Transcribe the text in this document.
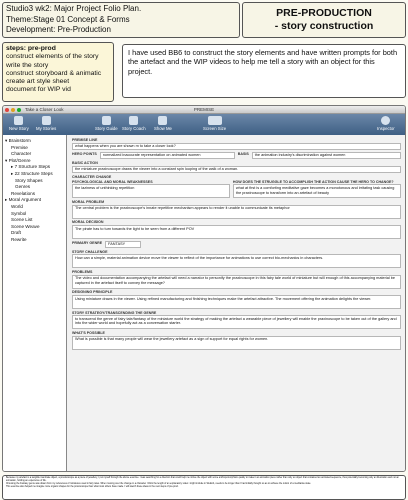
Studio3 wk2: Major Project Folio Plan.
Theme:Stage 01 Concept & Forms
Development: Pre-Production
PRE-PRODUCTION
- story construction
steps: pre-prod
construct elements of the story
write the story
construct storyboard & animatic
create art style sheet
document for WIP vid
I have used BB6 to construct the story elements and have written prompts for both the artefact and the WIP videos to help me tell a story with an object for this project.
Take a Closer Look	PREMISE
New Story My Stories	Story Guide Story Coach Show Me	Screen Size	Inspector
▾ Brainstorm
Premise
Character
▾ Plot/Genre
▸ 7 Structure Steps
▸ 22 Structure Steps
Story Shapes
Genres
Revelations
▸ Moral Argument
World
Symbol
Scene List
Scene Weave
Draft
Rewrite
PREMISE LINE
what happens when you are shown m to take a closer look?
HERO POINTS	normalized inaccurate representation on animated women	BASIS	the animation industry's discrimination against women
BASIC ACTION
the miniature praxinoscope draws the viewer into a constant spin looping of the walk of a woman.
CHARACTER CHANGE
PSYCHOLOGICAL AND MORAL WEAKNESSES
the laziness of unthinking repetition
HOW DOES THE STRUGGLE TO ACCOMPLISH THE ACTION CAUSE THE HERO TO CHANGE?
what at first is a comforting meditative gaze becomes a monotonous and irritating task causing the praxinoscope to transform into an artefact of beauty
MORAL PROBLEM
The central problem is the praxinoscope's innate repetitive mechanism appears to render it unable to communicate its metaphor
MORAL DECISION
The pirate has to turn towards the light to be seen from a different POV
PRIMARY GENRE	FANTASY
STORY CHALLENGE
How can a simple, material animation device move the viewer to reflect of the importance for animations to use correct bio-mechanics in characters.
PROBLEMS
The video and documentation accompanying the artefact will need a narrator to personify the praxinoscope in this fairy tale world of miniature but will enough of this accompanying material be captured in the artefact itself to convey the message?
DESIGNING PRINCIPLE
Using miniature draws in the viewer. Using refined manufacturing and finishing techniques make the artefact attractive. The movement offering the animation delights the viewer.
STORY STRATEGY/TRANSCENDING THE GENRE
to transcend the genre of fairy tale/fantasy of the miniature world the strategy of making the artefact a wearable piece of jewellery will enable the praxinoscope to be taken out of the gallery and into the wider world and hopefully act as a conversation starter.
WHAT'S POSSIBLE
What is possible is that many people will wear the jewellery artefact as a sign of support for equal rights for women.

Because my artefact is a tangible inanimate object, a praxinoscope as a piece of jewellery, I put myself through the above exercise. I was searching for a direction that could help me imbue the object with some anthropomorphism quality to make it an animation piece rather than only an object that contained an animated sequence, thus potentially becoming only an illustration and not an animation, holding an experience of life.

Choosing the Fantasy genre was drawn from my references of miniatures used in fairy tales. When musing over the change in a character I think the length of an explanatory video i might include in Studio4, needs to be longer than I had initially thought so as to achieve the notion of a meditative state.

This exercise also helped me imagine more organic shapes for the praxinoscope than what most others have made. I will sketch these ideas in the next steps of pre-prod.
